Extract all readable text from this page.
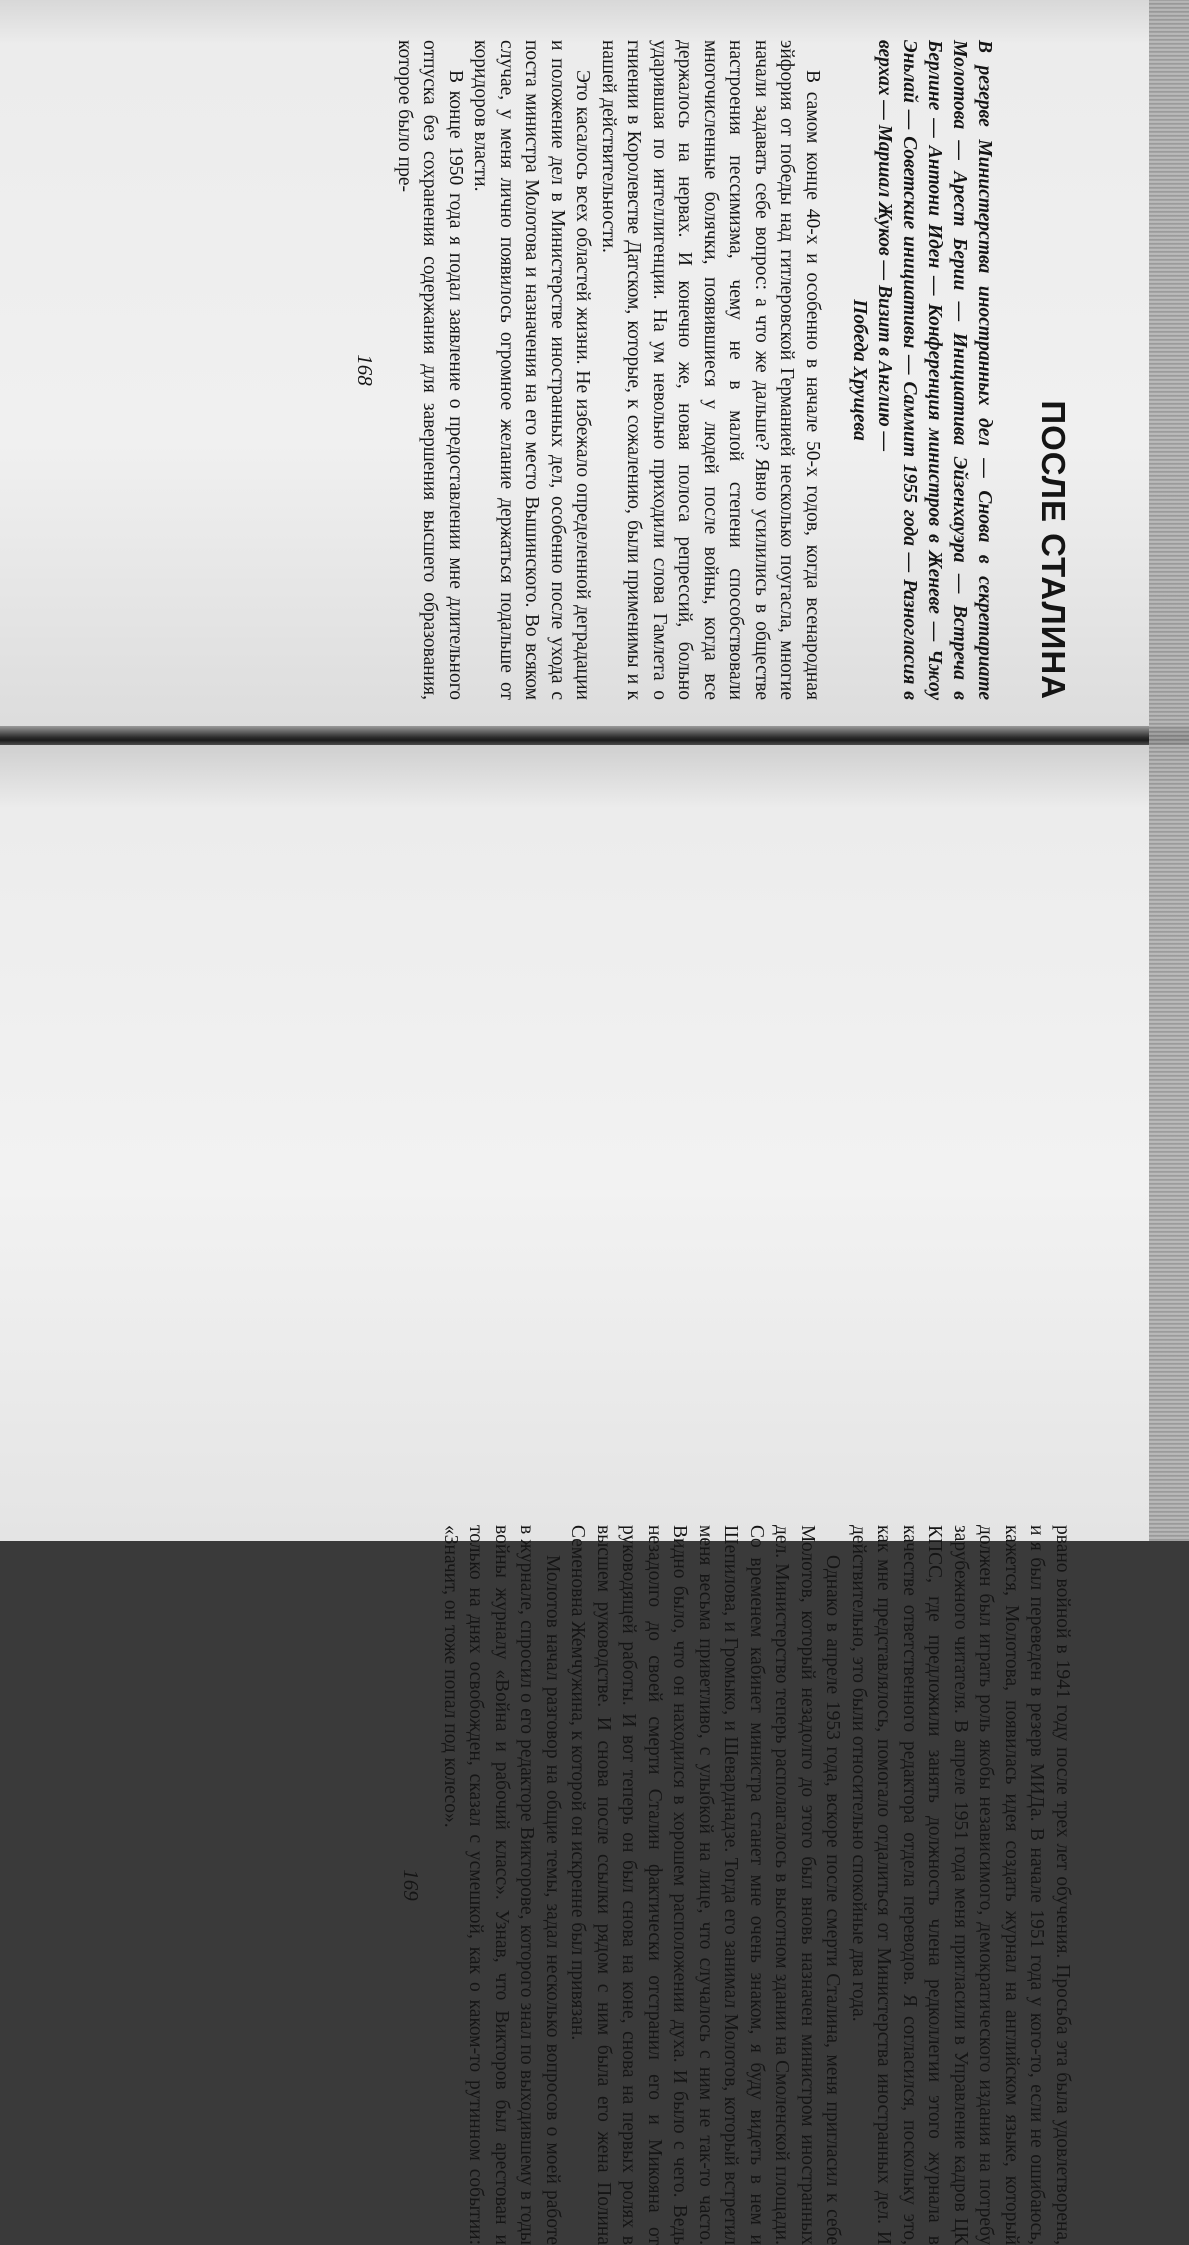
ПОСЛЕ СТАЛИНА

В резерве Министерства иностранных дел — Снова в секретариате Молотова — Арест Берии — Инициатива Эйзенхауэра — Встреча в Берлине — Антони Иден — Конференция министров в Женеве — Чжоу Эньлай — Советские инициативы — Саммит 1955 года — Разногласия в верхах — Маршал Жуков — Визит в Англию —
Победа Хрущева

В самом конце 40-х и особенно в начале 50-х годов, когда всенародная эйфория от победы над гитлеровской Германией несколько поугасла, многие начали задавать себе вопрос: а что же дальше? Явно усилились в обществе настроения пессимизма, чему не в малой степени способствовали многочисленные болячки, появившиеся у людей после войны, когда все держалось на нервах. И конечно же, новая полоса репрессий, больно ударившая по интеллигенции. На ум невольно приходили слова Гамлета о гниении в Королевстве Датском, которые, к сожалению, были применимы и к нашей действительности.

Это касалось всех областей жизни. Не избежало определенной деградации и положение дел в Министерстве иностранных дел, особенно после ухода с поста министра Молотова и назначения на его место Вышинского. Во всяком случае, у меня лично появилось огромное желание держаться подальше от коридоров власти.

В конце 1950 года я подал заявление о предоставлении мне длительного отпуска без сохранения содержания для завершения высшего образования, которое было пре-

168

рвано войной в 1941 году после трех лет обучения. Просьба эта была удовлетворена, и я был переведен в резерв МИДа. В начале 1951 года у кого-то, если не ошибаюсь, кажется, Молотова, появилась идея создать журнал на английском языке, который должен был играть роль якобы независимого, демократического издания на потребу зарубежного читателя. В апреле 1951 года меня пригласили в Управление кадров ЦК КПСС, где предложили занять должность члена редколлегии этого журнала в качестве ответственного редактора отдела переводов. Я согласился, поскольку это, как мне представлялось, помогало отдалиться от Министерства иностранных дел. И действительно, это были относительно спокойные два года.

Однако в апреле 1953 года, вскоре после смерти Сталина, меня пригласил к себе Молотов, который незадолго до этого был вновь назначен министром иностранных дел. Министерство теперь располагалось в высотном здании на Смоленской площади. Со временем кабинет министра станет мне очень знаком, я буду видеть в нем и Шепилова, и Громыко, и Шеварднадзе. Тогда его занимал Молотов, который встретил меня весьма приветливо, с улыбкой на лице, что случалось с ним не так-то часто. Видно было, что он находился в хорошем расположении духа. И было с чего. Ведь незадолго до своей смерти Сталин фактически отстранил его и Микояна от руководящей работы. И вот теперь он был снова на коне, снова на первых ролях в высшем руководстве. И снова после ссылки рядом с ним была его жена Полина Семеновна Жемчужина, к которой он искренне был привязан.

Молотов начал разговор на общие темы, задал несколько вопросов о моей работе в журнале, спросил о его редакторе Викторове, которого знал по выходившему в годы войны журналу «Война и рабочий класс». Узнав, что Викторов был арестован и только на днях освобожден, сказал с усмешкой, как о каком-то рутинном событии: «Значит, он тоже попал под колесо».

169
